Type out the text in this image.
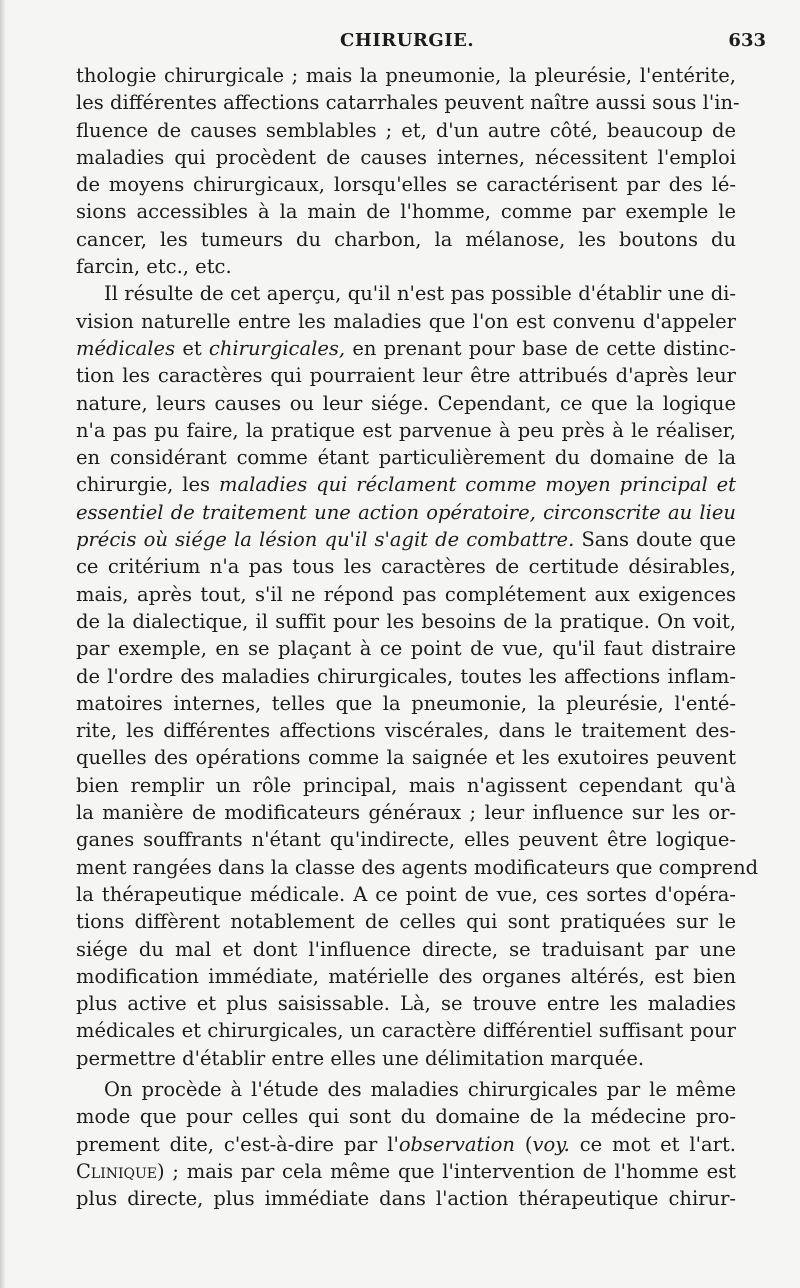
CHIRURGIE.	633
thologie chirurgicale ; mais la pneumonie, la pleurésie, l'entérite,
les différentes affections catarrhales peuvent naître aussi sous l'in-
fluence de causes semblables ; et, d'un autre côté, beaucoup de
maladies qui procèdent de causes internes, nécessitent l'emploi
de moyens chirurgicaux, lorsqu'elles se caractérisent par des lé-
sions accessibles à la main de l'homme, comme par exemple le
cancer, les tumeurs du charbon, la mélanose, les boutons du
farcin, etc., etc.
Il résulte de cet aperçu, qu'il n'est pas possible d'établir une di-
vision naturelle entre les maladies que l'on est convenu d'appeler
médicales et chirurgicales, en prenant pour base de cette distinc-
tion les caractères qui pourraient leur être attribués d'après leur
nature, leurs causes ou leur siége. Cependant, ce que la logique
n'a pas pu faire, la pratique est parvenue à peu près à le réaliser,
en considérant comme étant particulièrement du domaine de la
chirurgie, les maladies qui réclament comme moyen principal et
essentiel de traitement une action opératoire, circonscrite au lieu
précis où siége la lésion qu'il s'agit de combattre. Sans doute que
ce critérium n'a pas tous les caractères de certitude désirables,
mais, après tout, s'il ne répond pas complétement aux exigences
de la dialectique, il suffit pour les besoins de la pratique. On voit,
par exemple, en se plaçant à ce point de vue, qu'il faut distraire
de l'ordre des maladies chirurgicales, toutes les affections inflam-
matoires internes, telles que la pneumonie, la pleurésie, l'enté-
rite, les différentes affections viscérales, dans le traitement des-
quelles des opérations comme la saignée et les exutoires peuvent
bien remplir un rôle principal, mais n'agissent cependant qu'à
la manière de modificateurs généraux ; leur influence sur les or-
ganes souffrants n'étant qu'indirecte, elles peuvent être logique-
ment rangées dans la classe des agents modificateurs que comprend
la thérapeutique médicale. A ce point de vue, ces sortes d'opéra-
tions diffèrent notablement de celles qui sont pratiquées sur le
siége du mal et dont l'influence directe, se traduisant par une
modification immédiate, matérielle des organes altérés, est bien
plus active et plus saisissable. Là, se trouve entre les maladies
médicales et chirurgicales, un caractère différentiel suffisant pour
permettre d'établir entre elles une délimitation marquée.
On procède à l'étude des maladies chirurgicales par le même
mode que pour celles qui sont du domaine de la médecine pro-
prement dite, c'est-à-dire par l'observation (voy. ce mot et l'art.
Clinique) ; mais par cela même que l'intervention de l'homme est
plus directe, plus immédiate dans l'action thérapeutique chirur-
